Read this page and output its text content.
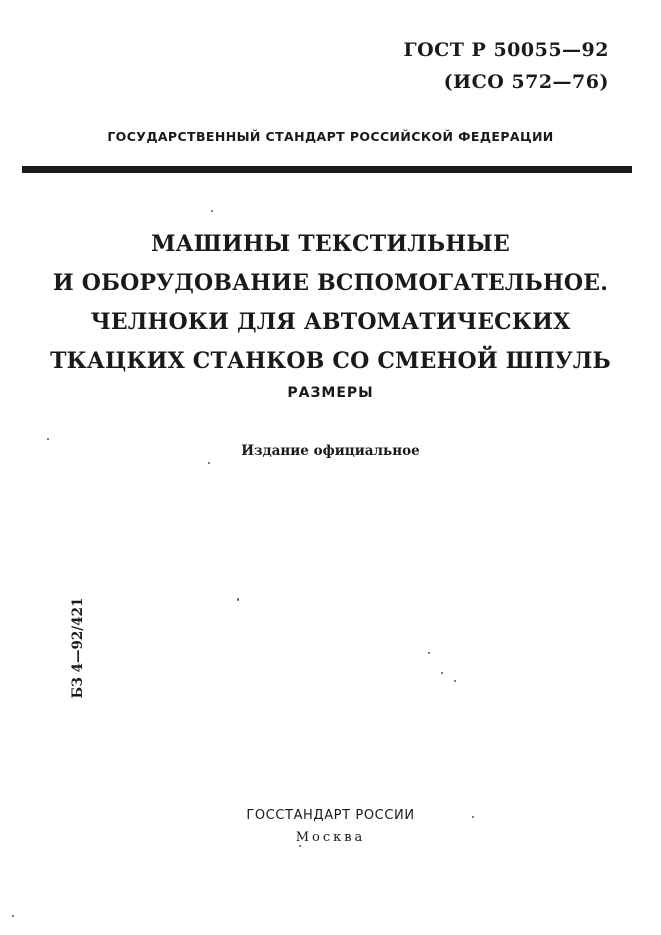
ГОСТ Р 50055—92
(ИСО 572—76)
ГОСУДАРСТВЕННЫЙ СТАНДАРТ РОССИЙСКОЙ ФЕДЕРАЦИИ
МАШИНЫ ТЕКСТИЛЬНЫЕ
И ОБОРУДОВАНИЕ ВСПОМОГАТЕЛЬНОЕ.
ЧЕЛНОКИ ДЛЯ АВТОМАТИЧЕСКИХ
ТКАЦКИХ СТАНКОВ СО СМЕНОЙ ШПУЛЬ
РАЗМЕРЫ
Издание официальное
БЗ 4—92/421
ГОССТАНДАРТ РОССИИ
Москва
